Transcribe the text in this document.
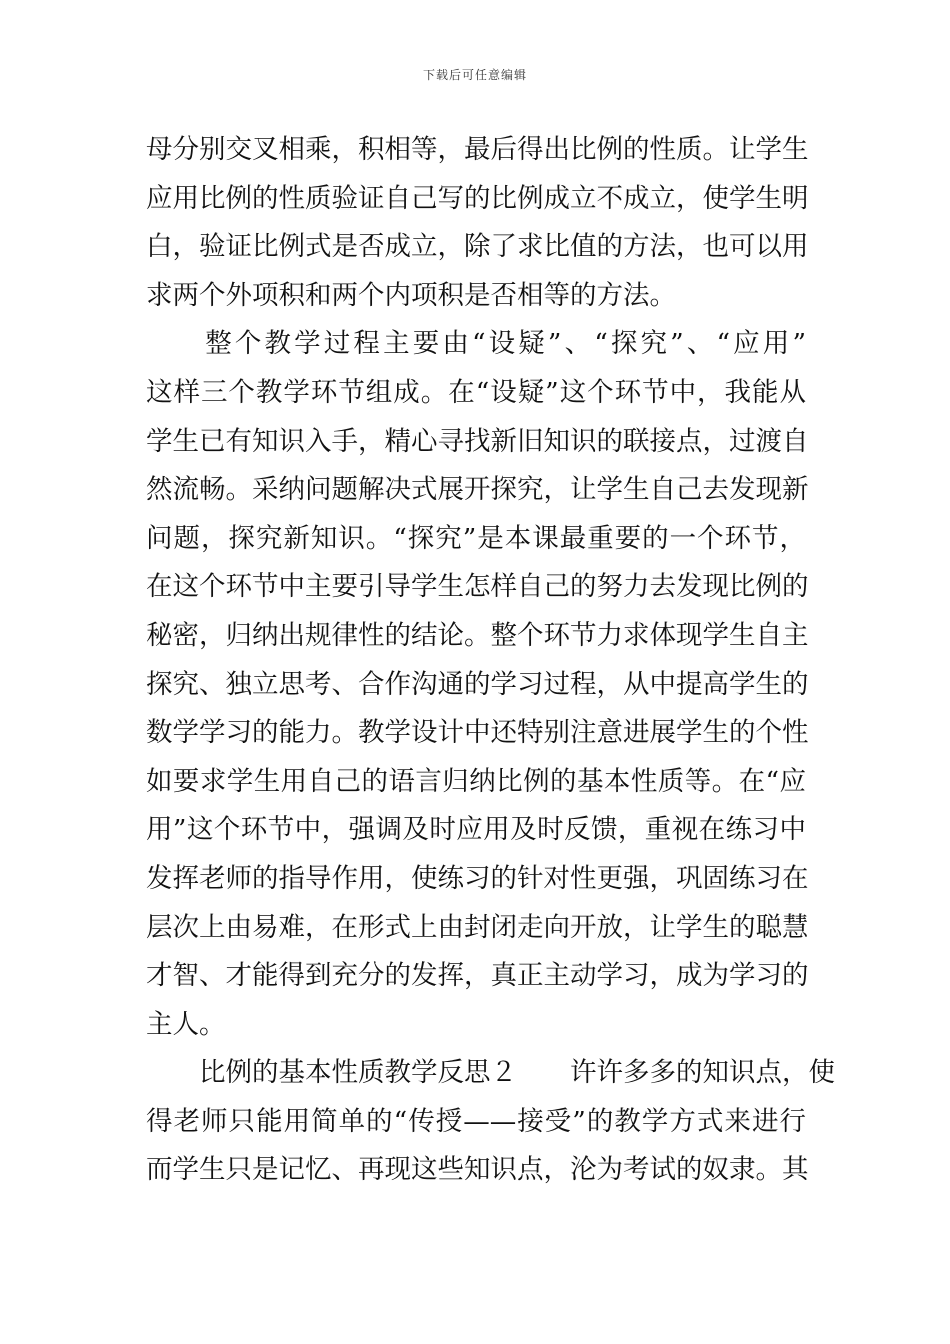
下载后可任意编辑
母分别交叉相乘，积相等，最后得出比例的性质。让学生
应用比例的性质验证自己写的比例成立不成立，使学生明
白，验证比例式是否成立，除了求比值的方法，也可以用
求两个外项积和两个内项积是否相等的方法。
　　整个教学过程主要由“设疑”、“探究”、“应用”
这样三个教学环节组成。在“设疑”这个环节中，我能从
学生已有知识入手，精心寻找新旧知识的联接点，过渡自
然流畅。采纳问题解决式展开探究，让学生自己去发现新
问题，探究新知识。“探究”是本课最重要的一个环节，
在这个环节中主要引导学生怎样自己的努力去发现比例的
秘密，归纳出规律性的结论。整个环节力求体现学生自主
探究、独立思考、合作沟通的学习过程，从中提高学生的
数学学习的能力。教学设计中还特别注意进展学生的个性
如要求学生用自己的语言归纳比例的基本性质等。在“应
用”这个环节中，强调及时应用及时反馈，重视在练习中
发挥老师的指导作用，使练习的针对性更强，巩固练习在
层次上由易难，在形式上由封闭走向开放，让学生的聪慧
才智、才能得到充分的发挥，真正主动学习，成为学习的
主人。
　　比例的基本性质教学反思２　　许许多多的知识点，使
得老师只能用简单的“传授——接受”的教学方式来进行
而学生只是记忆、再现这些知识点，沦为考试的奴隶。其
